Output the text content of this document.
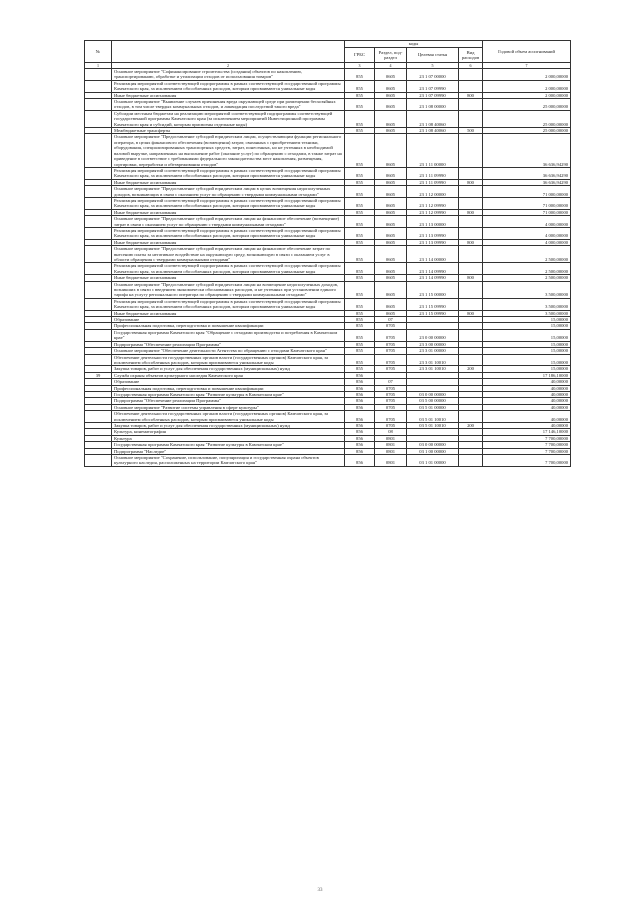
№		коды				Годовой объем ассигнований
		ГРБС	Раздел, под-раздел	Целевая статья	Вид расходов	
1	2	3	4	5	6	7
	Основное мероприятие "Софинансирование строительства (создания) объектов по накоплению, транспортированию, обработке и утилизации отходов от использования товаров"	855	0605	23 1 07 00000		2 000,00000
	Реализация мероприятий соответствующей подпрограммы в рамках соответствующей государственной программы Камчатского края, за исключением обособленных расходов, которым присваиваются уникальные коды	855	0605	23 1 07 09990		2 000,00000
	Иные бюджетные ассигнования	855	0605	23 1 07 09990	800	2 000,00000
	Основное мероприятие "Выявление случаев причинения вреда окружающей среде при размещении бесхозяйных отходов, в том числе твердых коммунальных отходов, и ликвидация последствий такого вреда"	855	0605	23 1 08 00000		25 000,00000
	Субсидии местным бюджетам на реализацию мероприятий соответствующей подпрограммы соответствующей государственной программы Камчатского края (за исключением мероприятий Инвестиционной программы Камчатского края и субсидий, которым присвоены отдельные коды)	855	0605	23 1 08 40060		25 000,00000
	Межбюджетные трансферты	855	0605	23 1 08 40060	500	25 000,00000
	Основное мероприятие "Предоставление субсидий юридическим лицам, осуществляющим функции регионального оператора, в целях финансового обеспечения (возмещения) затрат, связанных с приобретением техники, оборудования, специализированных транспортных средств, затрат, понесенных, но не учтенных в необходимой валовой выручке, направленных на выполнение работ (оказание услуг) по обращению с отходами, в также затрат на приведение в соответствие с требованиями федерального законодательства мест накопления, размещения, сортировки, переработки и обезвреживания отходов"	855	0605	23 1 11 00000		36 636,94290
	Реализация мероприятий соответствующей подпрограммы в рамках соответствующей государственной программы Камчатского края, за исключением обособленных расходов, которым присваиваются уникальные коды	855	0605	23 1 11 09990		36 636,94290
	Иные бюджетные ассигнования	855	0605	23 1 11 09990	800	36 636,94290
	Основное мероприятие "Предоставление субсидий юридическим лицам в целях возмещения недополученных доходов, возникающих в связи с оказанием услуг по обращению с твердыми коммунальными отходами"	855	0605	23 1 12 00000		71 000,00000
	Реализация мероприятий соответствующей подпрограммы в рамках соответствующей государственной программы Камчатского края, за исключением обособленных расходов, которым присваиваются уникальные коды	855	0605	23 1 12 09990		71 000,00000
	Иные бюджетные ассигнования	855	0605	23 1 12 09990	800	71 000,00000
	Основное мероприятие "Предоставление субсидий юридическим лицам на финансовое обеспечение (возмещение) затрат в связи с оказанием услуг по обращению с твердыми коммунальными отходами"	855	0605	23 1 13 00000		4 000,00000
	Реализация мероприятий соответствующей подпрограммы в рамках соответствующей государственной программы Камчатского края, за исключением обособленных расходов, которым присваиваются уникальные коды	855	0605	23 1 13 09990		4 000,00000
	Иные бюджетные ассигнования	855	0605	23 1 13 09990	800	4 000,00000
	Основное мероприятие "Предоставление субсидий юридическим лицам на финансовое обеспечение затрат по внесению платы за негативное воздействие на окружающую среду, возникающую в связи с оказанием услуг в области обращения с твердыми коммунальными отходами"	855	0605	23 1 14 00000		2 500,00000
	Реализация мероприятий соответствующей подпрограммы в рамках соответствующей государственной программы Камчатского края, за исключением обособленных расходов, которым присваиваются уникальные коды	855	0605	23 1 14 09990		2 500,00000
	Иные бюджетные ассигнования	855	0605	23 1 14 09990	800	2 500,00000
	Основное мероприятие "Предоставление субсидий юридическим лицам на возмещение недополученных доходов, возникших в связи с введением экономически обоснованных расходов, и не учтенных при установлении единого тарифа на услугу регионального оператора по обращению с твердыми коммунальными отходами"	855	0605	23 1 15 00000		3 500,00000
	Реализация мероприятий соответствующей подпрограммы в рамках соответствующей государственной программы Камчатского края, за исключением обособленных расходов, которым присваиваются уникальные коды	855	0605	23 1 15 09990		3 500,00000
	Иные бюджетные ассигнования	855	0605	23 1 15 09990	800	3 500,00000
	Образование	855	07			15,00000
	Профессиональная подготовка, переподготовка и повышение квалификации	855	0705			15,00000
	Государственная программа Камчатского края "Обращение с отходами производства и потребления в Камчатском крае"	855	0705	23 0 00 00000		15,00000
	Подпрограмма "Обеспечение реализации Программы"	855	0705	23 3 00 00000		15,00000
	Основное мероприятие "Обеспечение деятельности Агентства по обращению с отходами Камчатского края"	855	0705	23 3 01 00000		15,00000
	Обеспечение деятельности государственных органов власти (государственных органов) Камчатского края, за исключением обособленных расходов, которым присваиваются уникальные коды	855	0705	23 3 01 10010		15,00000
	Закупка товаров, работ и услуг для обеспечения государственных (муниципальных) нужд	855	0705	23 3 01 10010	200	15,00000
39	Служба охраны объектов культурного наследия Камчатского края	856				17 186,10000
	Образование	856	07			40,00000
	Профессиональная подготовка, переподготовка и повышение квалификации	856	0705			40,00000
	Государственная программа Камчатского края "Развитие культуры в Камчатском крае"	856	0705	03 0 00 00000		40,00000
	Подпрограмма "Обеспечение реализации Программы"	856	0705	03 5 00 00000		40,00000
	Основное мероприятие "Развитие системы управления в сфере культуры"	856	0705	03 5 01 00000		40,00000
	Обеспечение деятельности государственных органов власти (государственных органов) Камчатского края, за исключением обособленных расходов, которым присваиваются уникальные коды	856	0705	03 5 01 10010		40,00000
	Закупка товаров, работ и услуг для обеспечения государственных (муниципальных) нужд	856	0705	03 5 01 10010	200	40,00000
	Культура, кинематография	856	08			17 146,10000
	Культура	856	0801			7 700,00000
	Государственная программа Камчатского края "Развитие культуры в Камчатском крае"	856	0801	03 0 00 00000		7 700,00000
	Подпрограмма "Наследие"	856	0801	03 1 00 00000		7 700,00000
	Основное мероприятие "Сохранение, использование, популяризация и государственная охрана объектов культурного наследия, расположенных на территории Камчатского края"	856	0801	03 1 01 00000		7 700,00000
33
